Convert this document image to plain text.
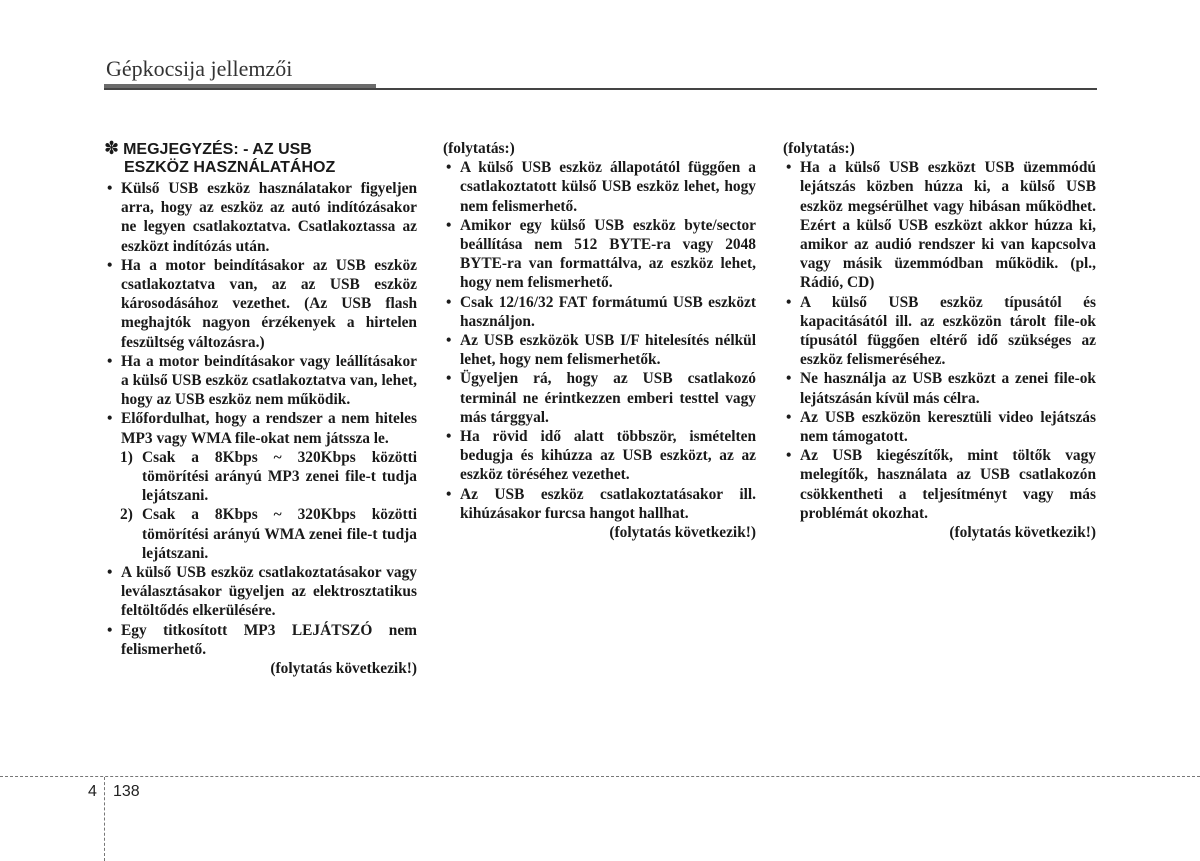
Gépkocsija jellemzői
✽ MEGJEGYZÉS: - AZ USB
ESZKÖZ HASZNÁLATÁHOZ
• Külső USB eszköz használatakor figyeljen arra, hogy az eszköz az autó indítózásakor ne legyen csatlakoztatva. Csatlakoztassa az eszközt indítózás után.
• Ha a motor beindításakor az USB eszköz csatlakoztatva van, az az USB eszköz károsodásához vezethet. (Az USB flash meghajtók nagyon érzékenyek a hirtelen feszültség változásra.)
• Ha a motor beindításakor vagy leállításakor a külső USB eszköz csatlakoztatva van, lehet, hogy az USB eszköz nem működik.
• Előfordulhat, hogy a rendszer a nem hiteles MP3 vagy WMA file-okat nem játssza le.
1) Csak a 8Kbps ~ 320Kbps közötti tömörítési arányú MP3 zenei file-t tudja lejátszani.
2) Csak a 8Kbps ~ 320Kbps közötti tömörítési arányú WMA zenei file-t tudja lejátszani.
• A külső USB eszköz csatlakoztatásakor vagy leválasztásakor ügyeljen az elektrosztatikus feltöltődés elkerülésére.
• Egy titkosított MP3 LEJÁTSZÓ nem felismerhető.
(folytatás következik!)

(folytatás:)

• A külső USB eszköz állapotától függően a csatlakoztatott külső USB eszköz lehet, hogy nem felismerhető.
• Amikor egy külső USB eszköz byte/sector beállítása nem 512 BYTE-ra vagy 2048 BYTE-ra van formattálva, az eszköz lehet, hogy nem felismerhető.
• Csak 12/16/32 FAT formátumú USB eszközt használjon.
• Az USB eszközök USB I/F hitelesítés nélkül lehet, hogy nem felismerhetők.
• Ügyeljen rá, hogy az USB csatlakozó terminál ne érintkezzen emberi testtel vagy más tárggyal.
• Ha rövid idő alatt többször, ismételten bedugja és kihúzza az USB eszközt, az az eszköz töréséhez vezethet.
• Az USB eszköz csatlakoztatásakor ill. kihúzásakor furcsa hangot hallhat.
(folytatás következik!)

(folytatás:)

• Ha a külső USB eszközt USB üzemmódú lejátszás közben húzza ki, a külső USB eszköz megsérülhet vagy hibásan működhet. Ezért a külső USB eszközt akkor húzza ki, amikor az audió rendszer ki van kapcsolva vagy másik üzemmódban működik. (pl., Rádió, CD)
• A külső USB eszköz típusától és kapacitásától ill. az eszközön tárolt file-ok típusától függően eltérő idő szükséges az eszköz felismeréséhez.
• Ne használja az USB eszközt a zenei file-ok lejátszásán kívül más célra.
• Az USB eszközön keresztüli video lejátszás nem támogatott.
• Az USB kiegészítők, mint töltők vagy melegítők, használata az USB csatlakozón csökkentheti a teljesítményt vagy más problémát okozhat.
(folytatás következik!)
4 138
